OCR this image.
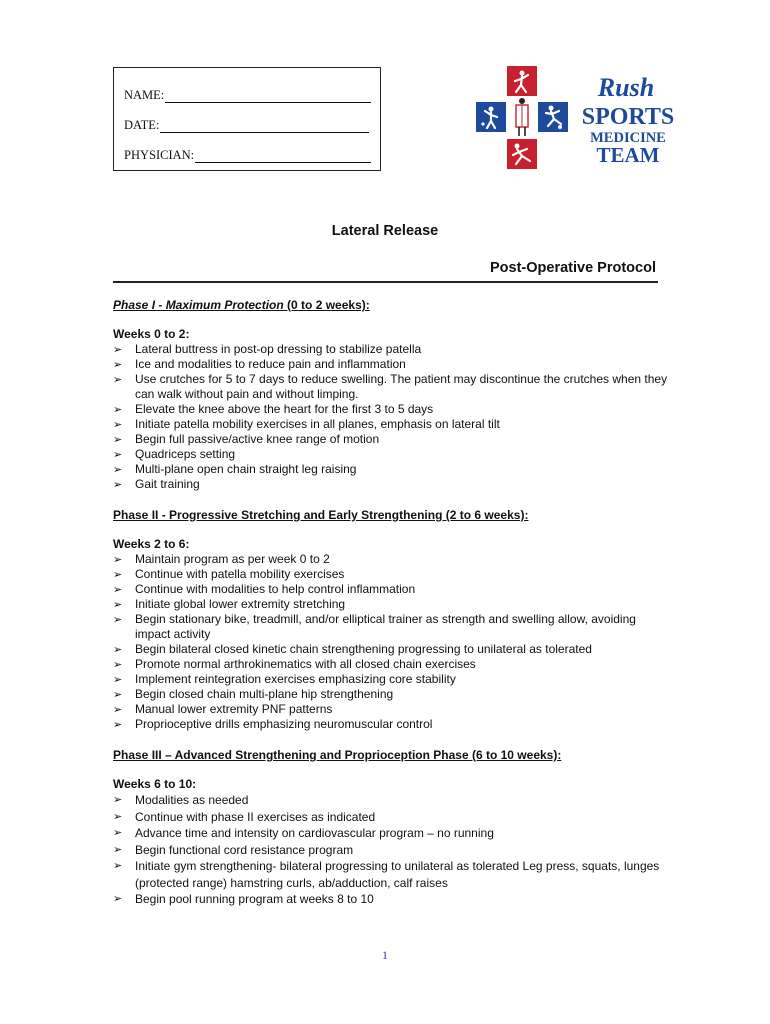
NAME:
DATE:
PHYSICIAN:
Rush
SPORTS
MEDICINE
TEAM
Lateral Release
Post-Operative Protocol

Phase I - Maximum Protection (0 to 2 weeks):

Weeks 0 to 2:

➢ Lateral buttress in post-op dressing to stabilize patella
➢ Ice and modalities to reduce pain and inflammation
➢ Use crutches for 5 to 7 days to reduce swelling. The patient may discontinue the crutches when they can walk without pain and without limping.
➢ Elevate the knee above the heart for the first 3 to 5 days
➢ Initiate patella mobility exercises in all planes, emphasis on lateral tilt
➢ Begin full passive/active knee range of motion
➢ Quadriceps setting
➢ Multi-plane open chain straight leg raising
➢ Gait training

Phase II - Progressive Stretching and Early Strengthening (2 to 6 weeks):

Weeks 2 to 6:

➢ Maintain program as per week 0 to 2
➢ Continue with patella mobility exercises
➢ Continue with modalities to help control inflammation
➢ Initiate global lower extremity stretching
➢ Begin stationary bike, treadmill, and/or elliptical trainer as strength and swelling allow, avoiding impact activity
➢ Begin bilateral closed kinetic chain strengthening progressing to unilateral as tolerated
➢ Promote normal arthrokinematics with all closed chain exercises
➢ Implement reintegration exercises emphasizing core stability
➢ Begin closed chain multi-plane hip strengthening
➢ Manual lower extremity PNF patterns
➢ Proprioceptive drills emphasizing neuromuscular control

Phase III – Advanced Strengthening and Proprioception Phase (6 to 10 weeks):

Weeks 6 to 10:

➢ Modalities as needed
➢ Continue with phase II exercises as indicated
➢ Advance time and intensity on cardiovascular program – no running
➢ Begin functional cord resistance program
➢ Initiate gym strengthening- bilateral progressing to unilateral as tolerated Leg press, squats, lunges (protected range) hamstring curls, ab/adduction, calf raises
➢ Begin pool running program at weeks 8 to 10
1
